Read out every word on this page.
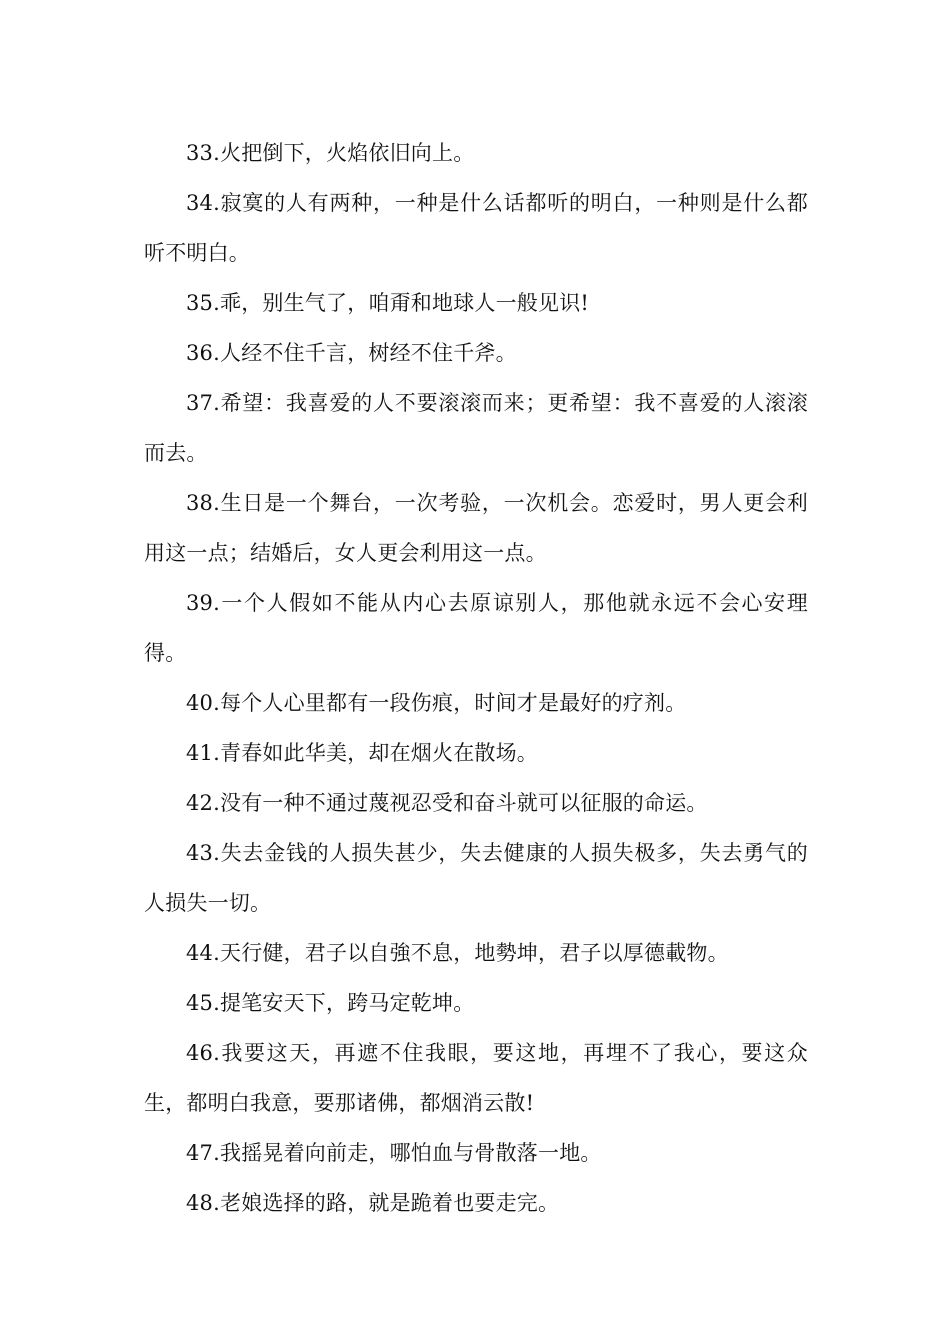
33.火把倒下，火焰依旧向上。

34.寂寞的人有两种，一种是什么话都听的明白，一种则是什么都听不明白。

35.乖，别生气了，咱甭和地球人一般见识!

36.人经不住千言，树经不住千斧。

37.希望：我喜爱的人不要滚滚而来；更希望：我不喜爱的人滚滚而去。

38.生日是一个舞台，一次考验，一次机会。恋爱时，男人更会利用这一点；结婚后，女人更会利用这一点。

39.一个人假如不能从内心去原谅别人，那他就永远不会心安理得。

40.每个人心里都有一段伤痕，时间才是最好的疗剂。

41.青春如此华美，却在烟火在散场。

42.没有一种不通过蔑视忍受和奋斗就可以征服的命运。

43.失去金钱的人损失甚少，失去健康的人损失极多，失去勇气的人损失一切。

44.天行健，君子以自強不息，地勢坤，君子以厚德載物。

45.提笔安天下，跨马定乾坤。

46.我要这天，再遮不住我眼，要这地，再埋不了我心，要这众生，都明白我意，要那诸佛，都烟消云散!

47.我摇晃着向前走，哪怕血与骨散落一地。

48.老娘选择的路，就是跪着也要走完。
